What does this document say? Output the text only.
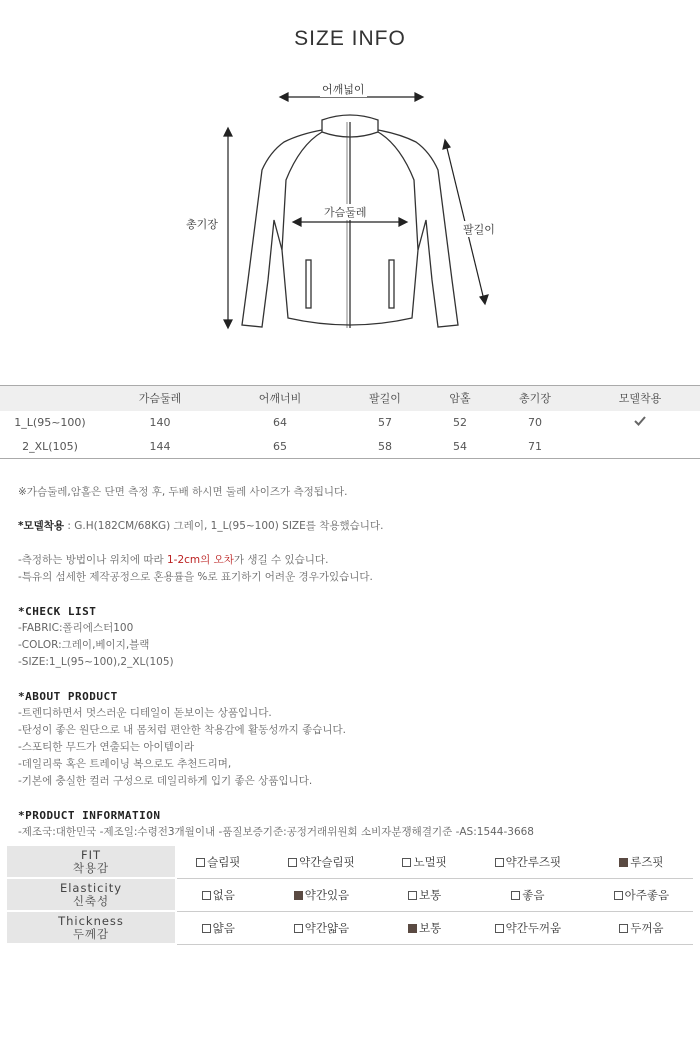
SIZE INFO
어깨넓이
가슴둘레
총기장	팔길이
	가슴둘레	어깨너비	팔길이	암홀	총기장	모델착용
1_L(95~100)	140	64	57	52	70	
2_XL(105)	144	65	58	54	71	
※가슴둘레,암홀은 단면 측정 후, 두배 하시면 둘레 사이즈가 측정됩니다.
*모델착용 : G.H(182CM/68KG) 그레이, 1_L(95~100) SIZE를 착용했습니다.
-측정하는 방법이나 위치에 따라 1-2cm의 오차가 생길 수 있습니다.
-특유의 섬세한 제작공정으로 혼용률을 %로 표기하기 어려운 경우가있습니다.
*CHECK LIST
-FABRIC:폴리에스터100
-COLOR:그레이,베이지,블랙
-SIZE:1_L(95~100),2_XL(105)
*ABOUT PRODUCT
-트렌디하면서 멋스러운 디테일이 돋보이는 상품입니다.
-탄성이 좋은 원단으로 내 몸처럼 편안한 착용감에 활동성까지 좋습니다.
-스포티한 무드가 연출되는 아이템이라
-데일리룩 혹은 트레이닝 복으로도 추천드리며,
-기본에 충실한 컬러 구성으로 데일리하게 입기 좋은 상품입니다.
*PRODUCT INFORMATION
-제조국:대한민국 -제조일:수령전3개월이내 -품질보증기준:공정거래위원회 소비자분쟁해결기준 -AS:1544-3668
FIT
착용감	슬림핏	약간슬림핏	노멀핏	약간루즈핏	루즈핏

Elasticity
신축성	없음	약간있음	보통	좋음	아주좋음

Thickness
두께감	얇음	약간얇음	보통	약간두꺼움	두꺼움
